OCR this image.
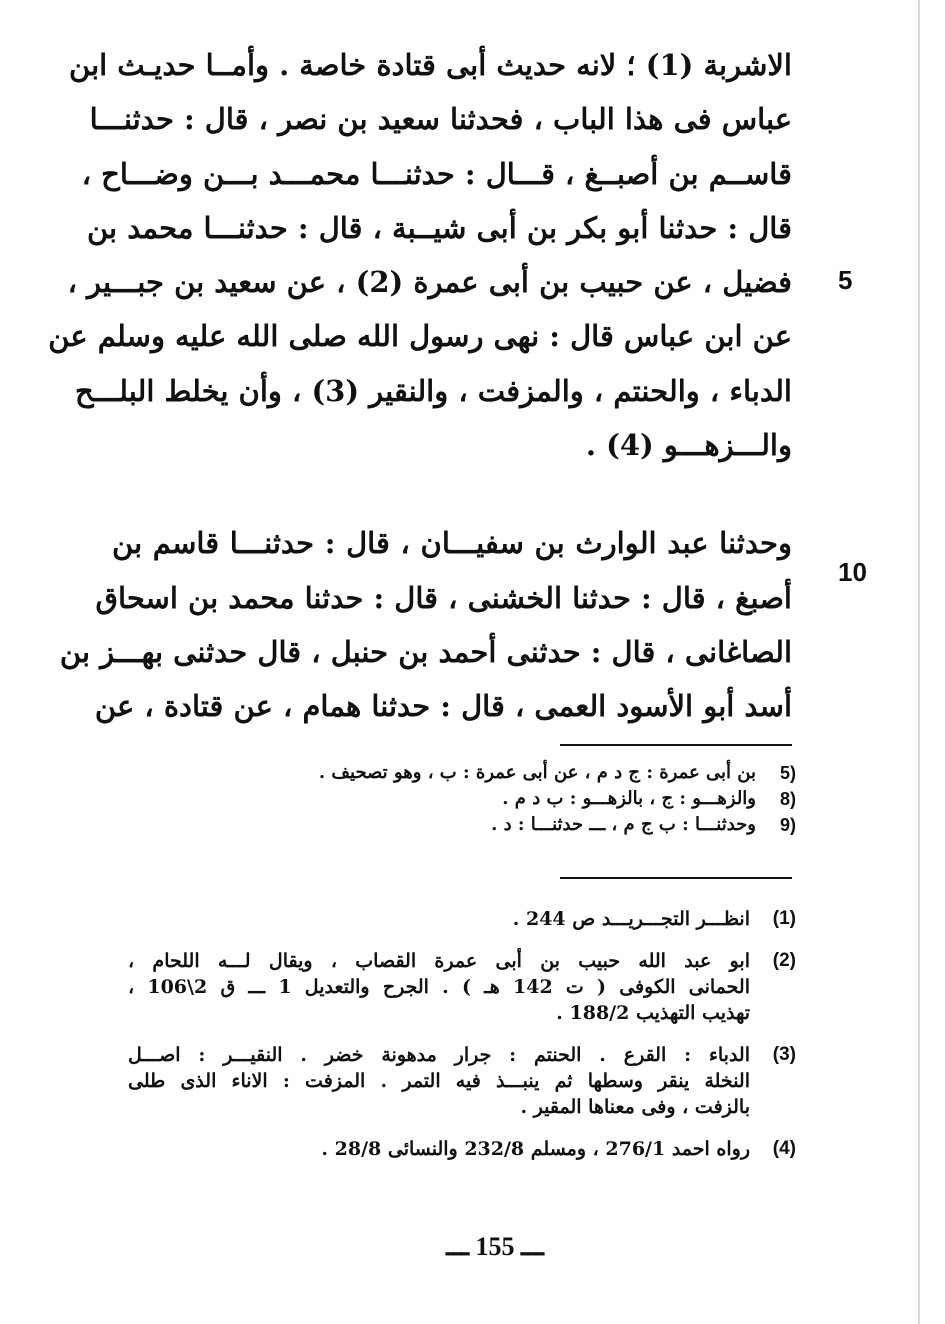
الاشربة (1) ؛ لانه حديث أبى قتادة خاصة . وأمــا حديـث ابن
عباس فى هذا الباب ، فحدثنا سعيد بن نصر ، قال : حدثنـــا
قاســم بن أصبــغ ، قـــال : حدثنـــا محمـــد بـــن وضـــاح ،
قال : حدثنا أبو بكر بن أبى شيــبة ، قال : حدثنـــا محمد بن
فضيل ، عن حبيب بن أبى عمرة (2) ، عن سعيد بن جبـــير ،
عن ابن عباس قال : نهى رسول الله صلى الله عليه وسلم عن
الدباء ، والحنتم ، والمزفت ، والنقير (3) ، وأن يخلط البلـــح
والـــزهـــو (4) .
وحدثنا عبد الوارث بن سفيـــان ، قال : حدثنـــا قاسم بن
أصبغ ، قال : حدثنا الخشنى ، قال : حدثنا محمد بن اسحاق
الصاغانى ، قال : حدثنى أحمد بن حنبل ، قال حدثنى بهـــز بن
أسد أبو الأسود العمى ، قال : حدثنا همام ، عن قتادة ، عن
5
10
5)
بن أبى عمرة : ج د م ، عن أبى عمرة : ب ، وهو تصحيف .
8)
والزهـــو : ج ، بالزهـــو : ب د م .
9)
وحدثنـــا : ب ج م ، ـــ حدثنـــا : د .
(1)
انظـــر التجـــريـــد ص 244 .
(2)
ابو عبد الله حبيب بن أبى عمرة القصاب ، ويقال لـــه اللحام ،
الحمانى الكوفى ( ت 142 هـ ) . الجرح والتعديل 1 ـــ ق 2\106 ،
تهذيب التهذيب 188/2 .
(3)
الدباء : القرع . الحنتم : جرار مدهونة خضر . النقيـــر : اصـــل
النخلة ينقر وسطها ثم ينبـــذ فيه التمر . المزفت : الاناء الذى طلى
بالزفت ، وفى معناها المقير .
(4)
رواه احمد 276/1 ، ومسلم 232/8 والنسائى 28/8 .
ـــ 155 ـــ
